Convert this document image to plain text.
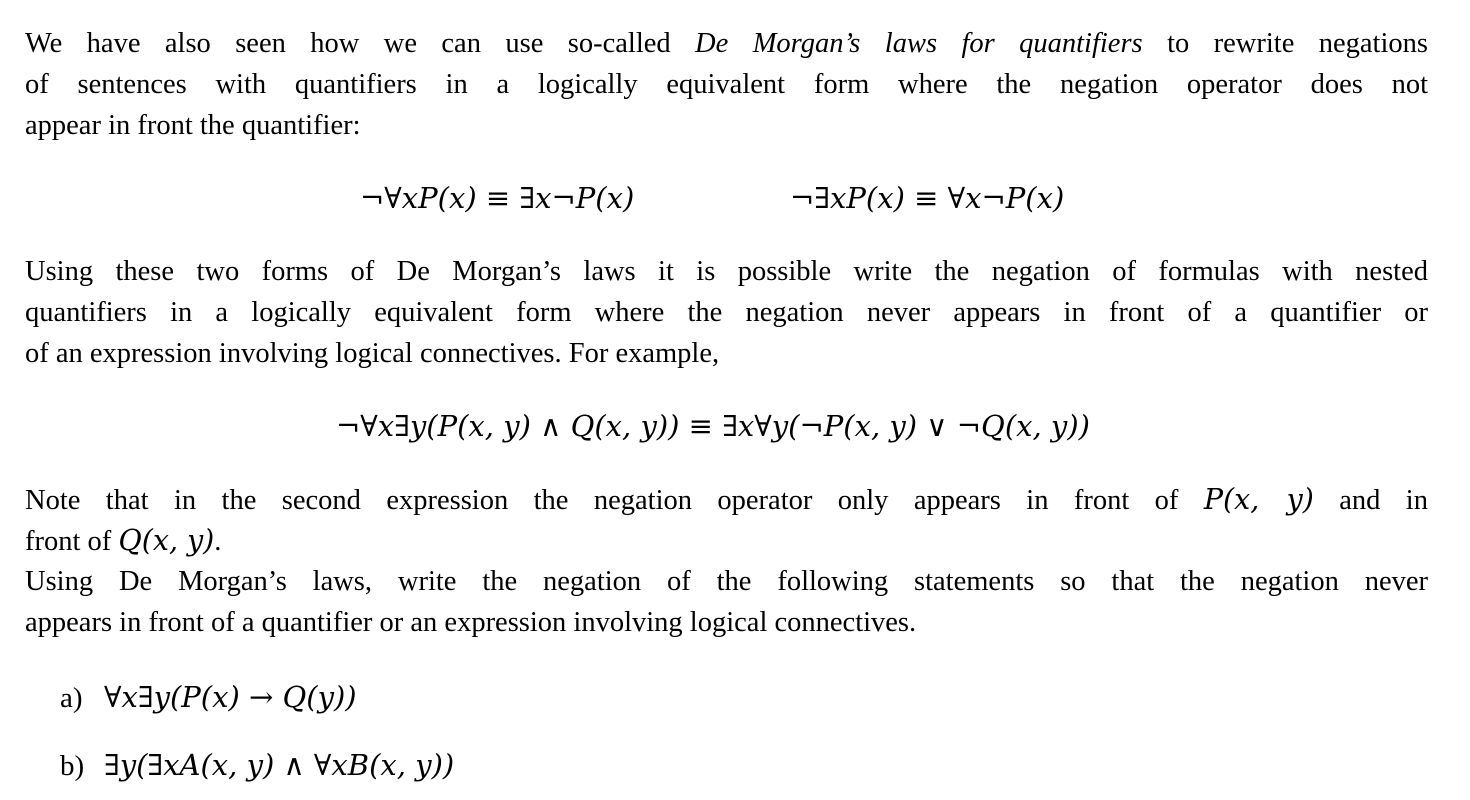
We have also seen how we can use so-called De Morgan’s laws for quantifiers to rewrite negations
of sentences with quantifiers in a logically equivalent form where the negation operator does not
appear in front the quantifier:
¬∀xP(x) ≡ ∃x¬P(x)	¬∃xP(x) ≡ ∀x¬P(x)
Using these two forms of De Morgan’s laws it is possible write the negation of formulas with nested
quantifiers in a logically equivalent form where the negation never appears in front of a quantifier or
of an expression involving logical connectives. For example,
¬∀x∃y(P(x, y) ∧ Q(x, y)) ≡ ∃x∀y(¬P(x, y) ∨ ¬Q(x, y))
Note that in the second expression the negation operator only appears in front of P(x, y) and in
front of Q(x, y).
Using De Morgan’s laws, write the negation of the following statements so that the negation never
appears in front of a quantifier or an expression involving logical connectives.
a) ∀x∃y(P(x) → Q(y))
b) ∃y(∃xA(x, y) ∧ ∀xB(x, y))
